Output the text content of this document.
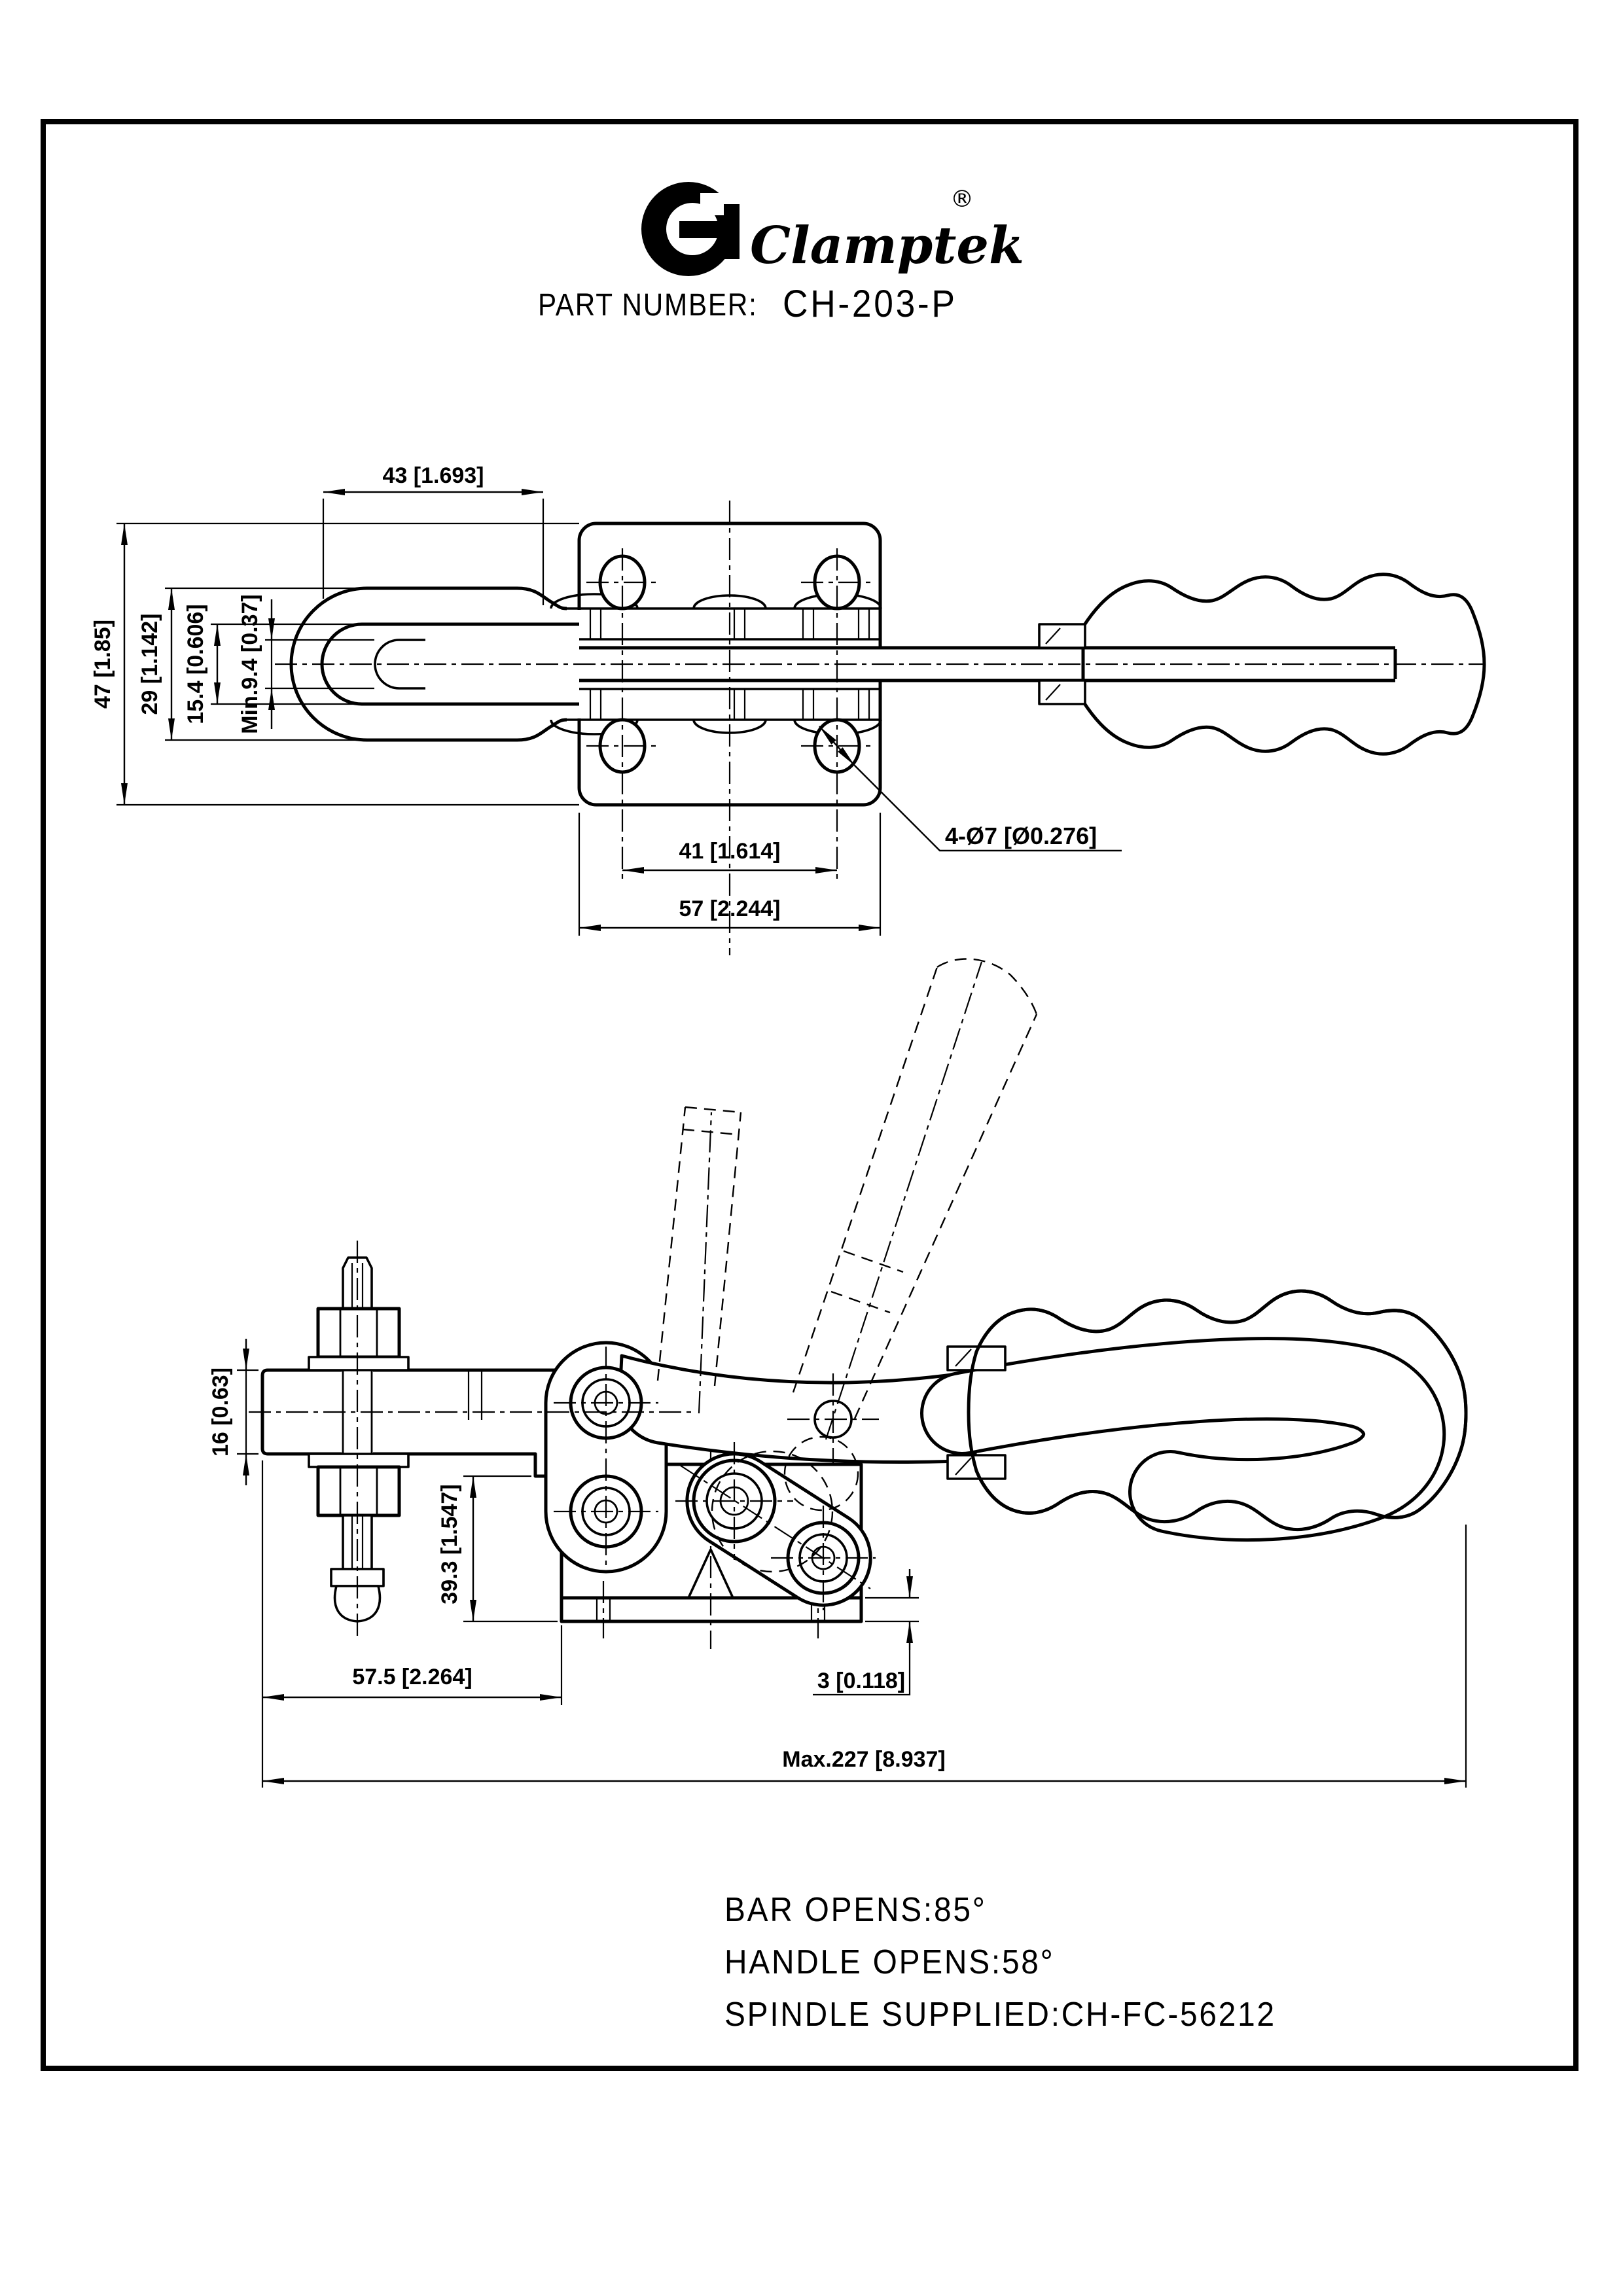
Clamptek
®
PART NUMBER: CH-203-P
43 [1.693]
47 [1.85] 29 [1.142] 15.4 [0.606] Min.9.4 [0.37]
41 [1.614]
57 [2.244]
4-Ø7 [Ø0.276]
16 [0.63]
39.3 [1.547]
57.5 [2.264]
Max.227 [8.937]
3 [0.118]
BAR OPENS:85°
HANDLE OPENS:58°
SPINDLE SUPPLIED:CH-FC-56212
